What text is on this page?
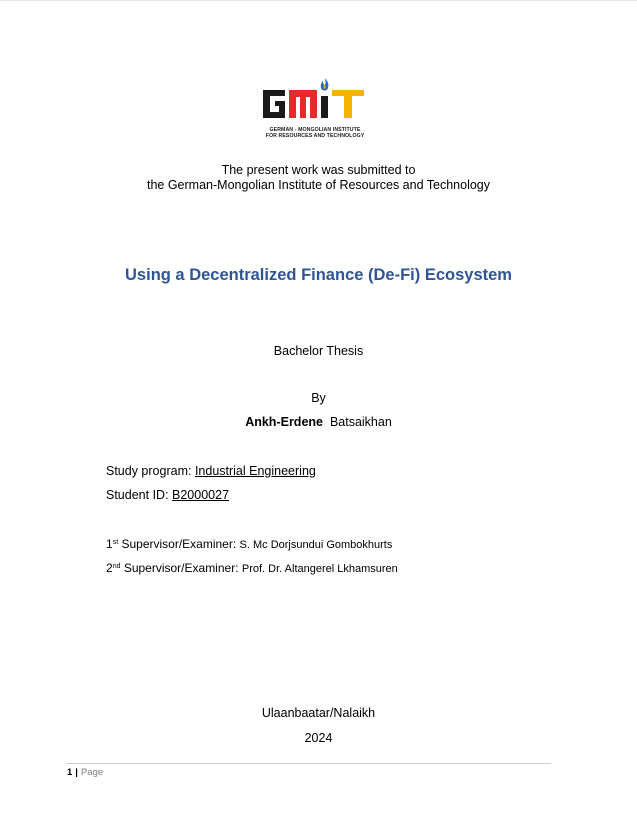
GERMAN - MONGOLIAN INSTITUTE
FOR RESOURCES AND TECHNOLOGY
The present work was submitted to
the German-Mongolian Institute of Resources and Technology
Using a Decentralized Finance (De-Fi) Ecosystem
Bachelor Thesis
By
Ankh-Erdene Batsaikhan
Study program: Industrial Engineering
Student ID: B2000027
1st Supervisor/Examiner: S. Mc Dorjsundui Gombokhurts
2nd Supervisor/Examiner: Prof. Dr. Altangerel Lkhamsuren
Ulaanbaatar/Nalaikh
2024
1 | Page
